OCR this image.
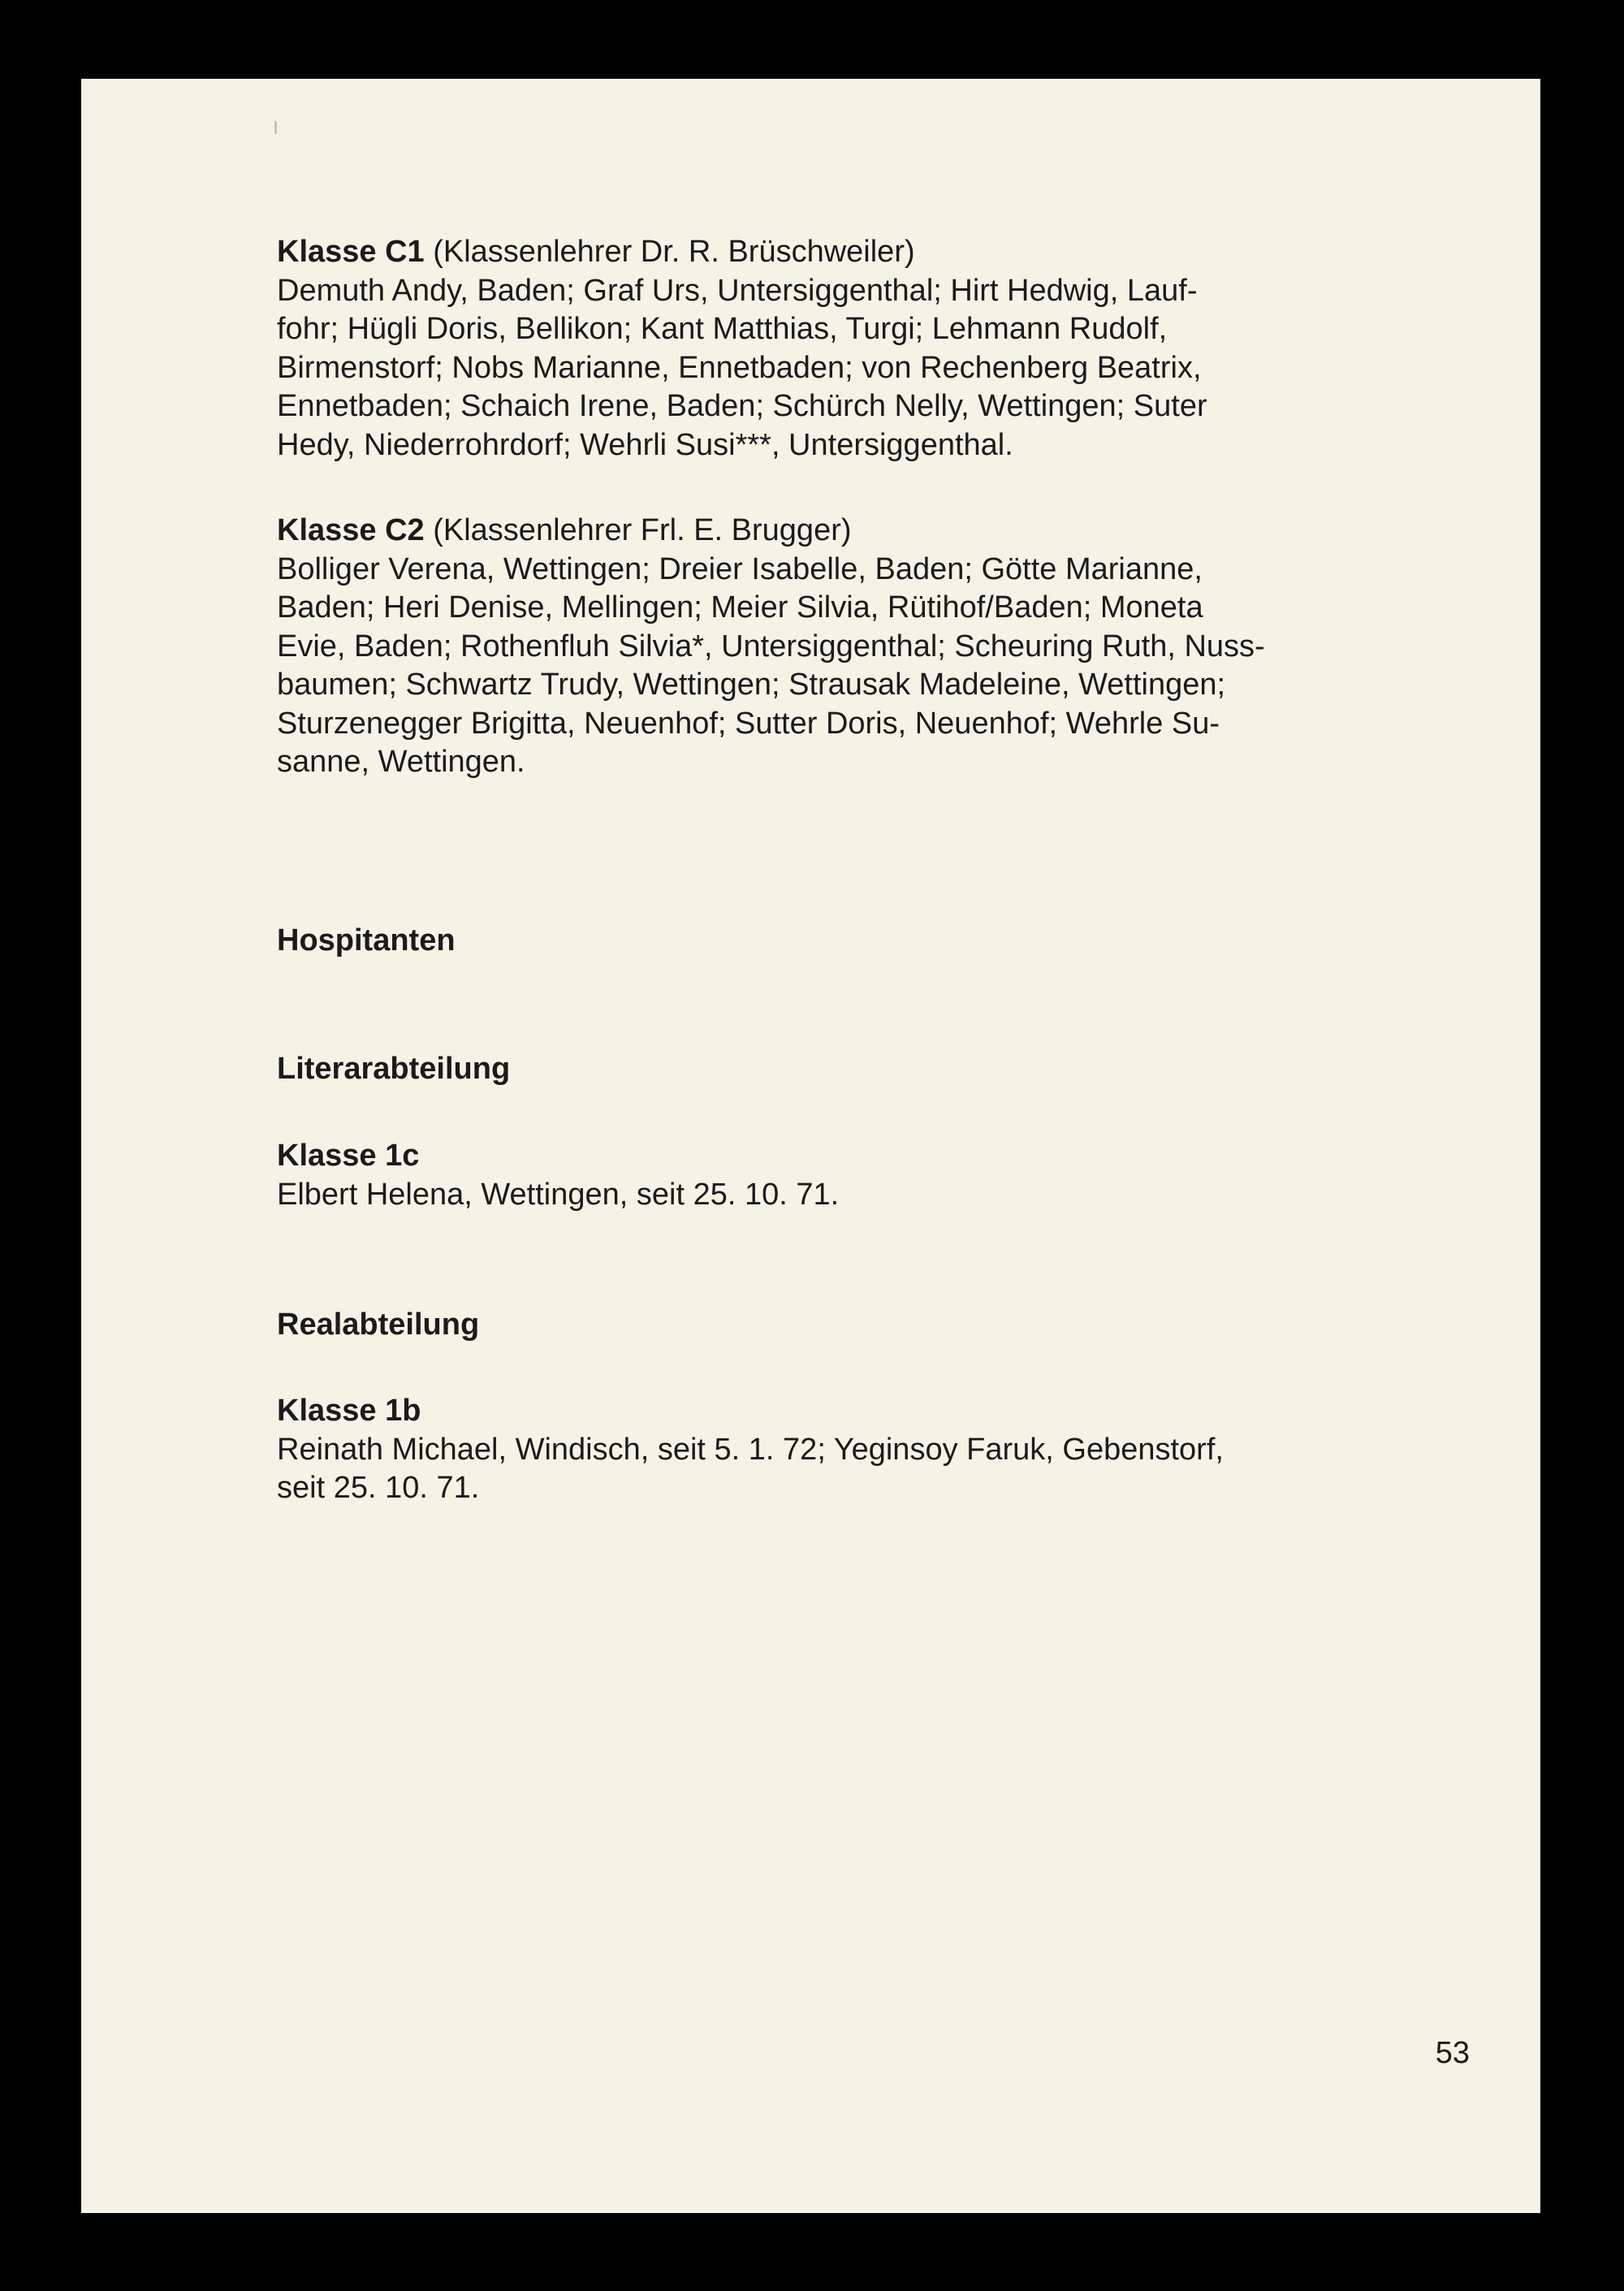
Klasse C1 (Klassenlehrer Dr. R. Brüschweiler)
Demuth Andy, Baden; Graf Urs, Untersiggenthal; Hirt Hedwig, Lauf-
fohr; Hügli Doris, Bellikon; Kant Matthias, Turgi; Lehmann Rudolf,
Birmenstorf; Nobs Marianne, Ennetbaden; von Rechenberg Beatrix,
Ennetbaden; Schaich Irene, Baden; Schürch Nelly, Wettingen; Suter
Hedy, Niederrohrdorf; Wehrli Susi***, Untersiggenthal.
Klasse C2 (Klassenlehrer Frl. E. Brugger)
Bolliger Verena, Wettingen; Dreier Isabelle, Baden; Götte Marianne,
Baden; Heri Denise, Mellingen; Meier Silvia, Rütihof/Baden; Moneta
Evie, Baden; Rothenfluh Silvia*, Untersiggenthal; Scheuring Ruth, Nuss-
baumen; Schwartz Trudy, Wettingen; Strausak Madeleine, Wettingen;
Sturzenegger Brigitta, Neuenhof; Sutter Doris, Neuenhof; Wehrle Su-
sanne, Wettingen.
Hospitanten
Literarabteilung
Klasse 1c
Elbert Helena, Wettingen, seit 25. 10. 71.
Realabteilung
Klasse 1b
Reinath Michael, Windisch, seit 5. 1. 72; Yeginsoy Faruk, Gebenstorf,
seit 25. 10. 71.
53
